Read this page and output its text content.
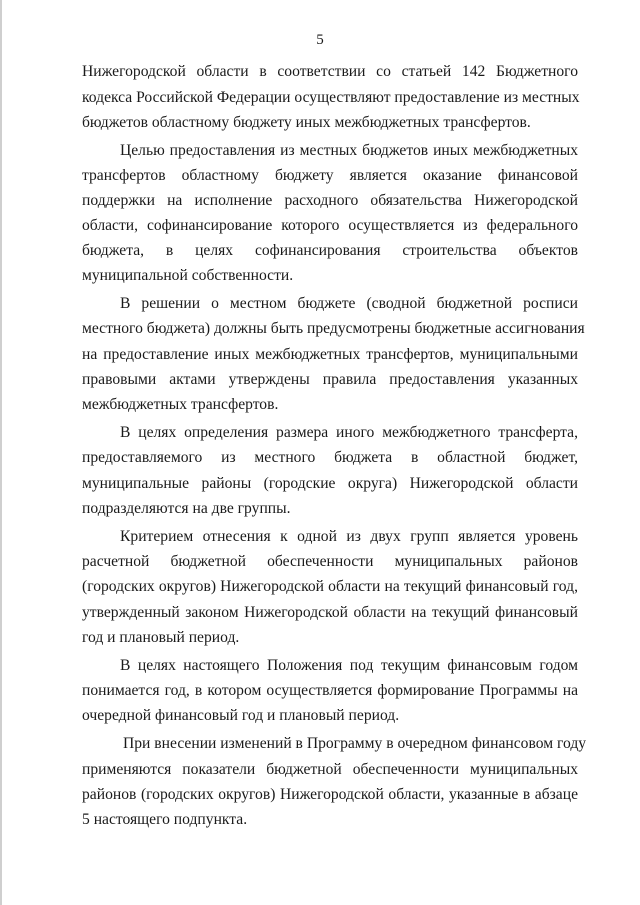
5
Нижегородской области в соответствии со статьей 142 Бюджетного
кодекса Российской Федерации осуществляют предоставление из местных
бюджетов областному бюджету иных межбюджетных трансфертов.
Целью предоставления из местных бюджетов иных межбюджетных
трансфертов областному бюджету является оказание финансовой
поддержки на исполнение расходного обязательства Нижегородской
области, софинансирование которого осуществляется из федерального
бюджета, в целях софинансирования строительства объектов
муниципальной собственности.
В решении о местном бюджете (сводной бюджетной росписи
местного бюджета) должны быть предусмотрены бюджетные ассигнования
на предоставление иных межбюджетных трансфертов, муниципальными
правовыми актами утверждены правила предоставления указанных
межбюджетных трансфертов.
В целях определения размера иного межбюджетного трансферта,
предоставляемого из местного бюджета в областной бюджет,
муниципальные районы (городские округа) Нижегородской области
подразделяются на две группы.
Критерием отнесения к одной из двух групп является уровень
расчетной бюджетной обеспеченности муниципальных районов
(городских округов) Нижегородской области на текущий финансовый год,
утвержденный законом Нижегородской области на текущий финансовый
год и плановый период.
В целях настоящего Положения под текущим финансовым годом
понимается год, в котором осуществляется формирование Программы на
очередной финансовый год и плановый период.
При внесении изменений в Программу в очередном финансовом году
применяются показатели бюджетной обеспеченности муниципальных
районов (городских округов) Нижегородской области, указанные в абзаце
5 настоящего подпункта.
